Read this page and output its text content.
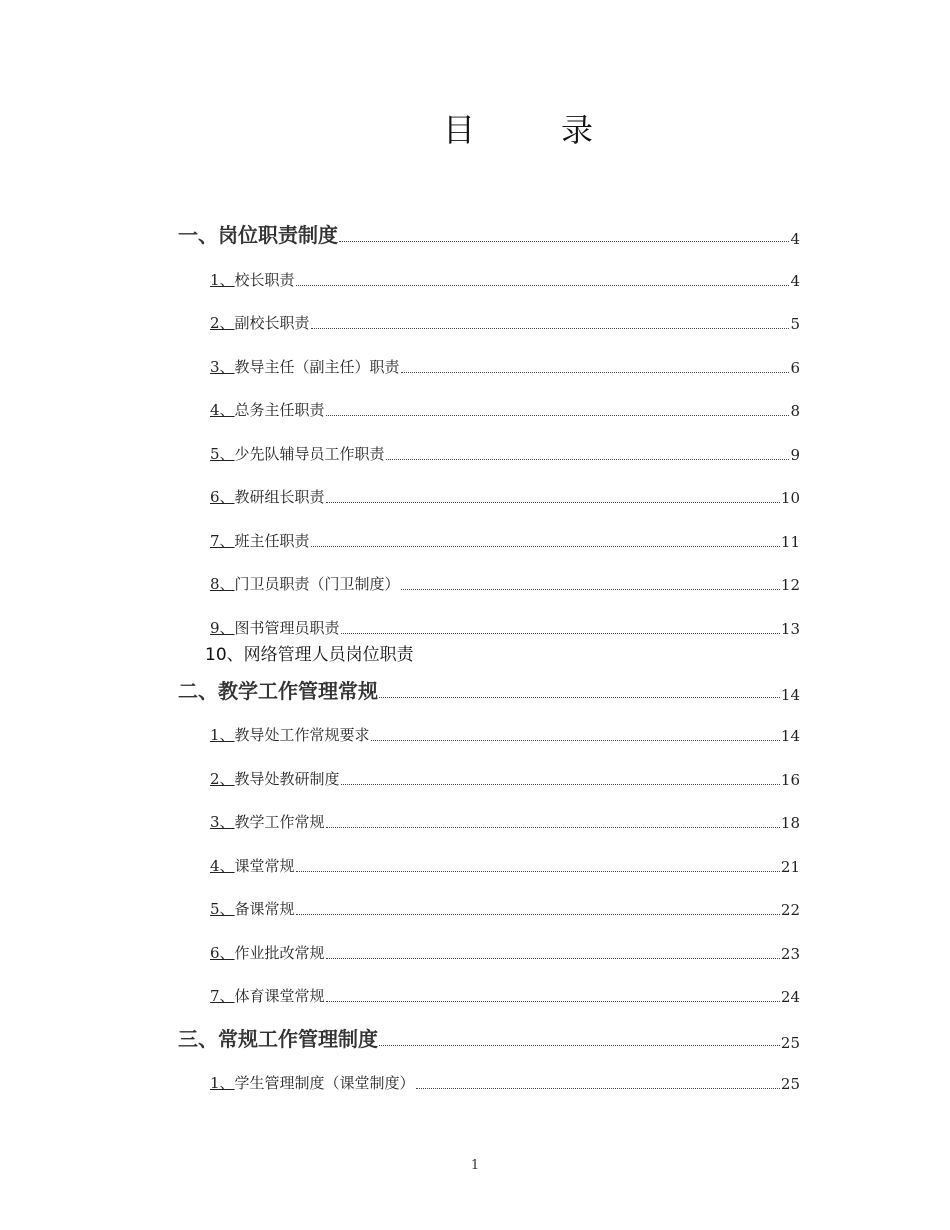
目	录
一、岗位职责制度	4
1、校长职责	4
2、副校长职责	5
3、教导主任（副主任）职责	6
4、总务主任职责	8
5、少先队辅导员工作职责	9
6、教研组长职责	10
7、班主任职责	11
8、门卫员职责（门卫制度）	12
9、图书管理员职责	13
10、网络管理人员岗位职责
二、教学工作管理常规	14
1、教导处工作常规要求	14
2、教导处教研制度	16
3、教学工作常规	18
4、课堂常规	21
5、备课常规	22
6、作业批改常规	23
7、体育课堂常规	24
三、常规工作管理制度	25
1、学生管理制度（课堂制度）	25
1
